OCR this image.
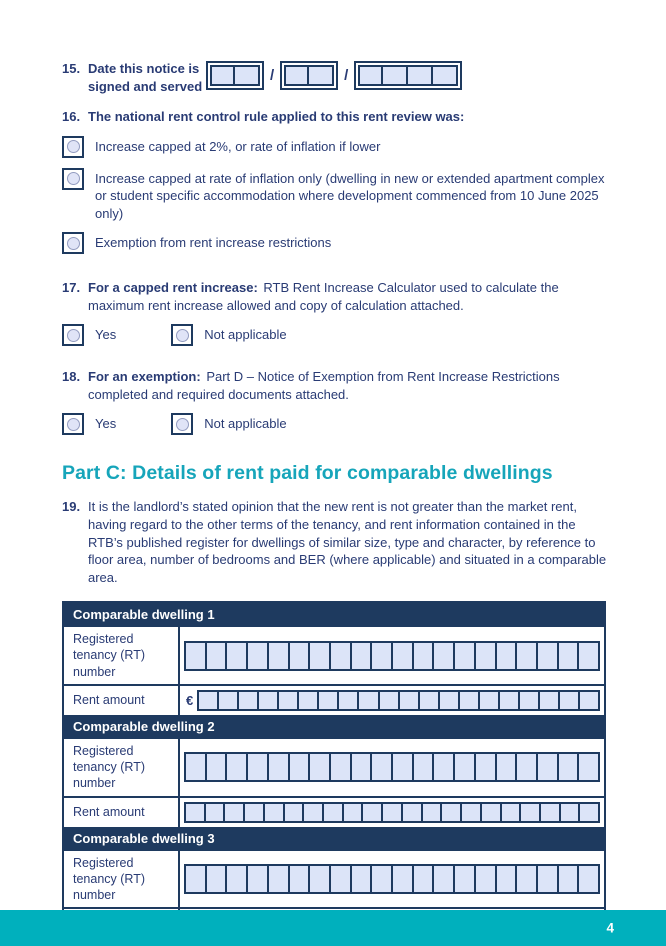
15. Date this notice is signed and served
/	/
16. The national rent control rule applied to this rent review was:
Increase capped at 2%, or rate of inflation if lower
Increase capped at rate of inflation only (dwelling in new or extended apartment complex or student specific accommodation where development commenced from 10 June 2025 only)
Exemption from rent increase restrictions
17. For a capped rent increase: RTB Rent Increase Calculator used to calculate the maximum rent increase allowed and copy of calculation attached.
Yes	Not applicable
18. For an exemption: Part D – Notice of Exemption from Rent Increase Restrictions completed and required documents attached.
Yes	Not applicable
Part C: Details of rent paid for comparable dwellings
19. It is the landlord’s stated opinion that the new rent is not greater than the market rent, having regard to the other terms of the tenancy, and rent information contained in the RTB’s published register for dwellings of similar size, type and character, by reference to floor area, number of bedrooms and BER (where applicable) and situated in a comparable area.
Comparable dwelling 1
Registered tenancy (RT) number
Rent amount	€
Comparable dwelling 2
Registered tenancy (RT) number
Rent amount
Comparable dwelling 3
Registered tenancy (RT) number
4
